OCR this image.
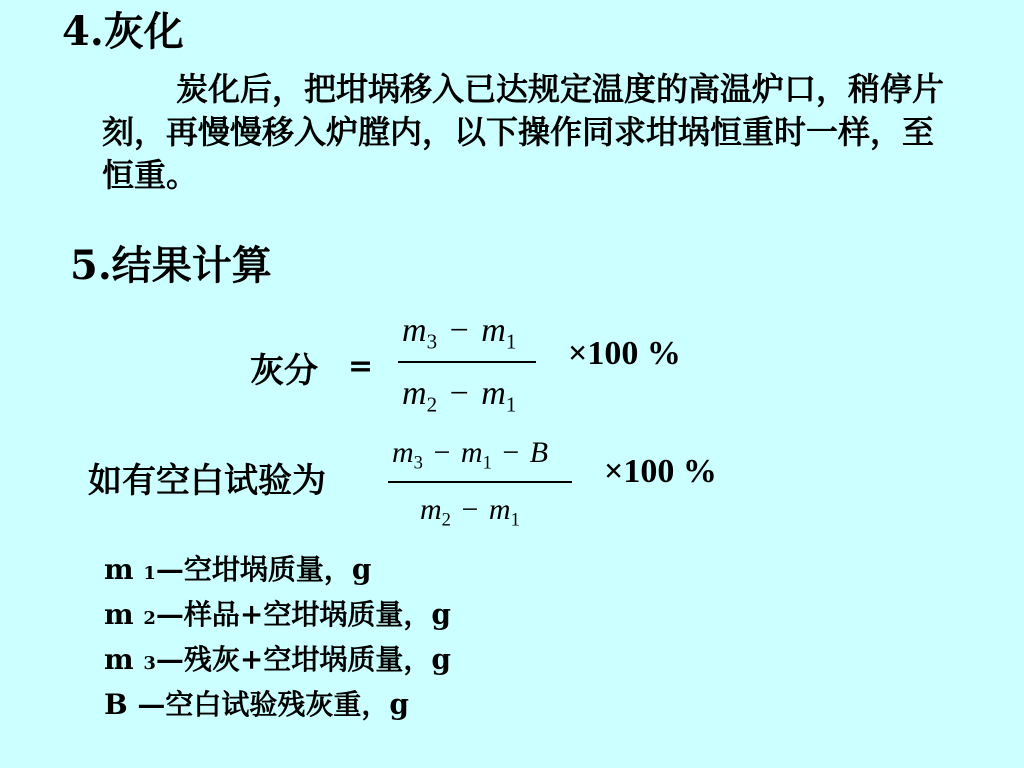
4.灰化
炭化后，把坩埚移入已达规定温度的高温炉口，稍停片刻，再慢慢移入炉膛内，以下操作同求坩埚恒重时一样，至恒重。
5.结果计算
灰分 =
$m_3 - m_1$
$m_2 - m_1$
×100 %
如有空白试验为
$m_3 - m_1 - B$
$m_2 - m_1$
×100 %
m 1—空坩埚质量，g
m 2—样品+空坩埚质量，g
m 3—残灰+空坩埚质量，g
B —空白试验残灰重，g
